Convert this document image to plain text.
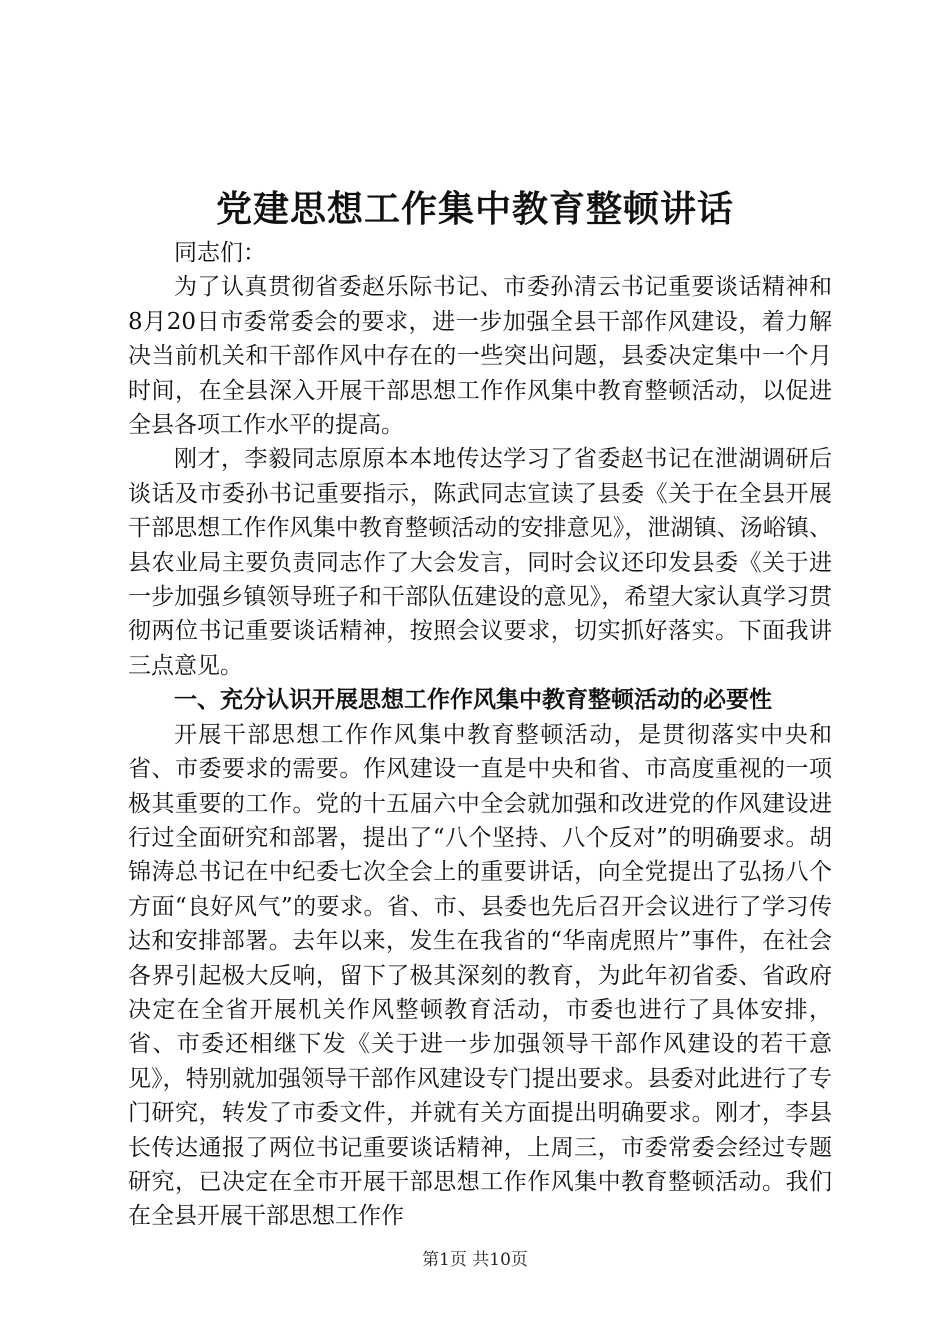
党建思想工作集中教育整顿讲话

同志们：

为了认真贯彻省委赵乐际书记、市委孙清云书记重要谈话精神和8月20日市委常委会的要求，进一步加强全县干部作风建设，着力解决当前机关和干部作风中存在的一些突出问题，县委决定集中一个月时间，在全县深入开展干部思想工作作风集中教育整顿活动，以促进全县各项工作水平的提高。

刚才，李毅同志原原本本地传达学习了省委赵书记在泄湖调研后谈话及市委孙书记重要指示，陈武同志宣读了县委《关于在全县开展干部思想工作作风集中教育整顿活动的安排意见》，泄湖镇、汤峪镇、县农业局主要负责同志作了大会发言，同时会议还印发县委《关于进一步加强乡镇领导班子和干部队伍建设的意见》，希望大家认真学习贯彻两位书记重要谈话精神，按照会议要求，切实抓好落实。下面我讲三点意见。

一、充分认识开展思想工作作风集中教育整顿活动的必要性

开展干部思想工作作风集中教育整顿活动，是贯彻落实中央和省、市委要求的需要。作风建设一直是中央和省、市高度重视的一项极其重要的工作。党的十五届六中全会就加强和改进党的作风建设进行过全面研究和部署，提出了“八个坚持、八个反对”的明确要求。胡锦涛总书记在中纪委七次全会上的重要讲话，向全党提出了弘扬八个方面“良好风气”的要求。省、市、县委也先后召开会议进行了学习传达和安排部署。去年以来，发生在我省的“华南虎照片”事件，在社会各界引起极大反响，留下了极其深刻的教育，为此年初省委、省政府决定在全省开展机关作风整顿教育活动，市委也进行了具体安排，省、市委还相继下发《关于进一步加强领导干部作风建设的若干意见》，特别就加强领导干部作风建设专门提出要求。县委对此进行了专门研究，转发了市委文件，并就有关方面提出明确要求。刚才，李县长传达通报了两位书记重要谈话精神，上周三，市委常委会经过专题研究，已决定在全市开展干部思想工作作风集中教育整顿活动。我们在全县开展干部思想工作作

第1页 共10页
